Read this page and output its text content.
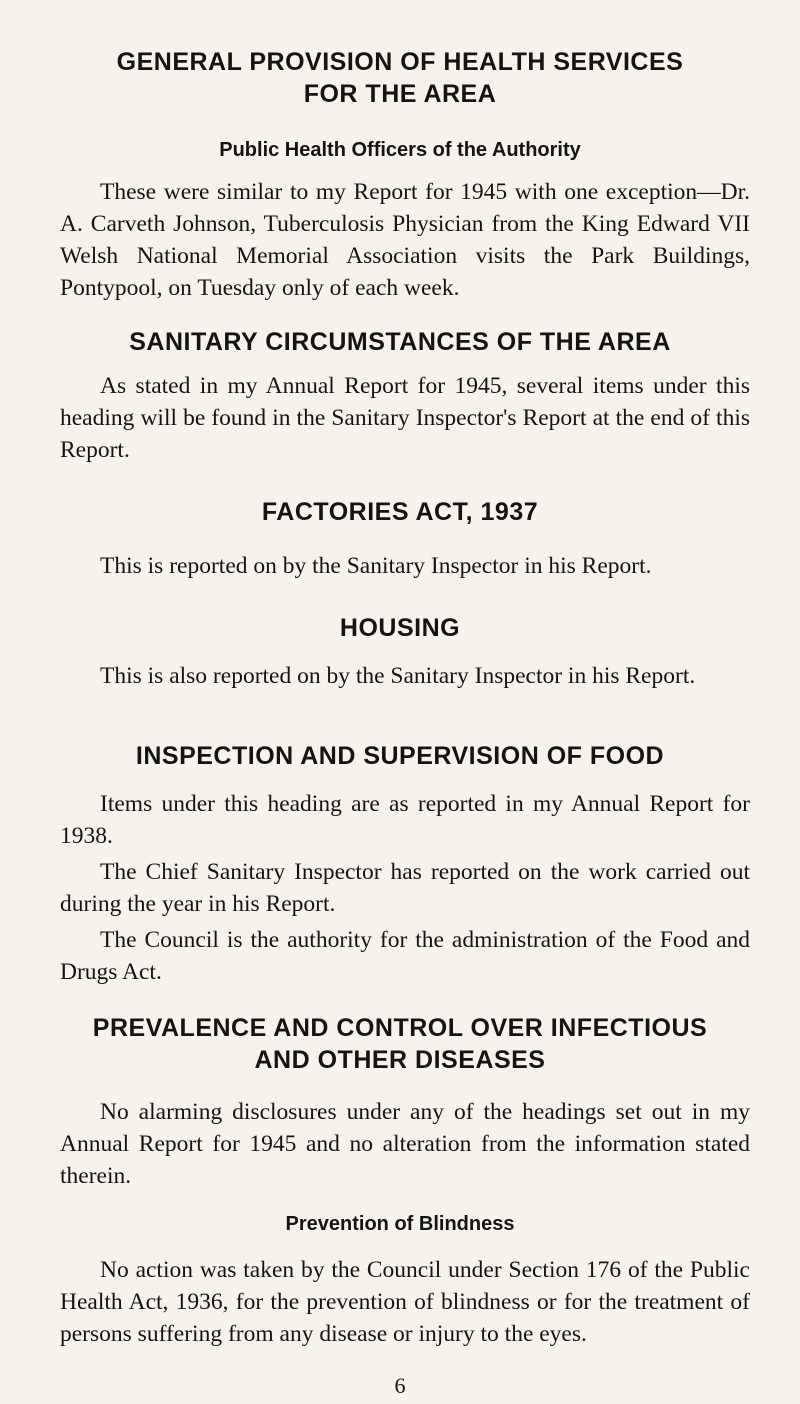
GENERAL PROVISION OF HEALTH SERVICES
FOR THE AREA
Public Health Officers of the Authority

These were similar to my Report for 1945 with one exception—Dr. A. Carveth Johnson, Tuberculosis Physician from the King Edward VII Welsh National Memorial Association visits the Park Buildings, Pontypool, on Tuesday only of each week.

SANITARY CIRCUMSTANCES OF THE AREA

As stated in my Annual Report for 1945, several items under this heading will be found in the Sanitary Inspector's Report at the end of this Report.

FACTORIES ACT, 1937

This is reported on by the Sanitary Inspector in his Report.

HOUSING

This is also reported on by the Sanitary Inspector in his Report.

INSPECTION AND SUPERVISION OF FOOD

Items under this heading are as reported in my Annual Report for 1938.

The Chief Sanitary Inspector has reported on the work carried out during the year in his Report.

The Council is the authority for the administration of the Food and Drugs Act.

PREVALENCE AND CONTROL OVER INFECTIOUS
AND OTHER DISEASES

No alarming disclosures under any of the headings set out in my Annual Report for 1945 and no alteration from the information stated therein.

Prevention of Blindness

No action was taken by the Council under Section 176 of the Public Health Act, 1936, for the prevention of blindness or for the treatment of persons suffering from any disease or injury to the eyes.

6
